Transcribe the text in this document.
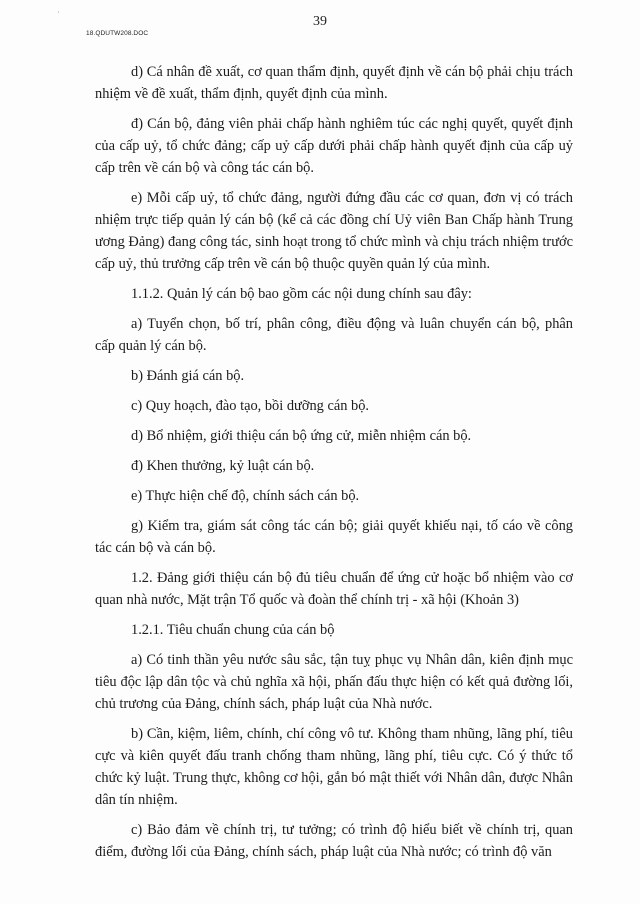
'
18.QDUTW208.DOC
39

d) Cá nhân đề xuất, cơ quan thẩm định, quyết định về cán bộ phải chịu trách nhiệm về đề xuất, thẩm định, quyết định của mình.

đ) Cán bộ, đảng viên phải chấp hành nghiêm túc các nghị quyết, quyết định của cấp uỷ, tổ chức đảng; cấp uỷ cấp dưới phải chấp hành quyết định của cấp uỷ cấp trên về cán bộ và công tác cán bộ.

e) Mỗi cấp uỷ, tổ chức đảng, người đứng đầu các cơ quan, đơn vị có trách nhiệm trực tiếp quản lý cán bộ (kể cả các đồng chí Uỷ viên Ban Chấp hành Trung ương Đảng) đang công tác, sinh hoạt trong tổ chức mình và chịu trách nhiệm trước cấp uỷ, thủ trưởng cấp trên về cán bộ thuộc quyền quản lý của mình.

1.1.2. Quản lý cán bộ bao gồm các nội dung chính sau đây:

a) Tuyển chọn, bố trí, phân công, điều động và luân chuyển cán bộ, phân cấp quản lý cán bộ.

b) Đánh giá cán bộ.

c) Quy hoạch, đào tạo, bồi dưỡng cán bộ.

d) Bổ nhiệm, giới thiệu cán bộ ứng cử, miễn nhiệm cán bộ.

đ) Khen thưởng, kỷ luật cán bộ.

e) Thực hiện chế độ, chính sách cán bộ.

g) Kiểm tra, giám sát công tác cán bộ; giải quyết khiếu nại, tố cáo về công tác cán bộ và cán bộ.

1.2. Đảng giới thiệu cán bộ đủ tiêu chuẩn để ứng cử hoặc bổ nhiệm vào cơ quan nhà nước, Mặt trận Tổ quốc và đoàn thể chính trị - xã hội (Khoản 3)

1.2.1. Tiêu chuẩn chung của cán bộ

a) Có tinh thần yêu nước sâu sắc, tận tuỵ phục vụ Nhân dân, kiên định mục tiêu độc lập dân tộc và chủ nghĩa xã hội, phấn đấu thực hiện có kết quả đường lối, chủ trương của Đảng, chính sách, pháp luật của Nhà nước.

b) Cần, kiệm, liêm, chính, chí công vô tư. Không tham nhũng, lãng phí, tiêu cực và kiên quyết đấu tranh chống tham nhũng, lãng phí, tiêu cực. Có ý thức tổ chức kỷ luật. Trung thực, không cơ hội, gắn bó mật thiết với Nhân dân, được Nhân dân tín nhiệm.

c) Bảo đảm về chính trị, tư tưởng; có trình độ hiểu biết về chính trị, quan điểm, đường lối của Đảng, chính sách, pháp luật của Nhà nước; có trình độ văn
